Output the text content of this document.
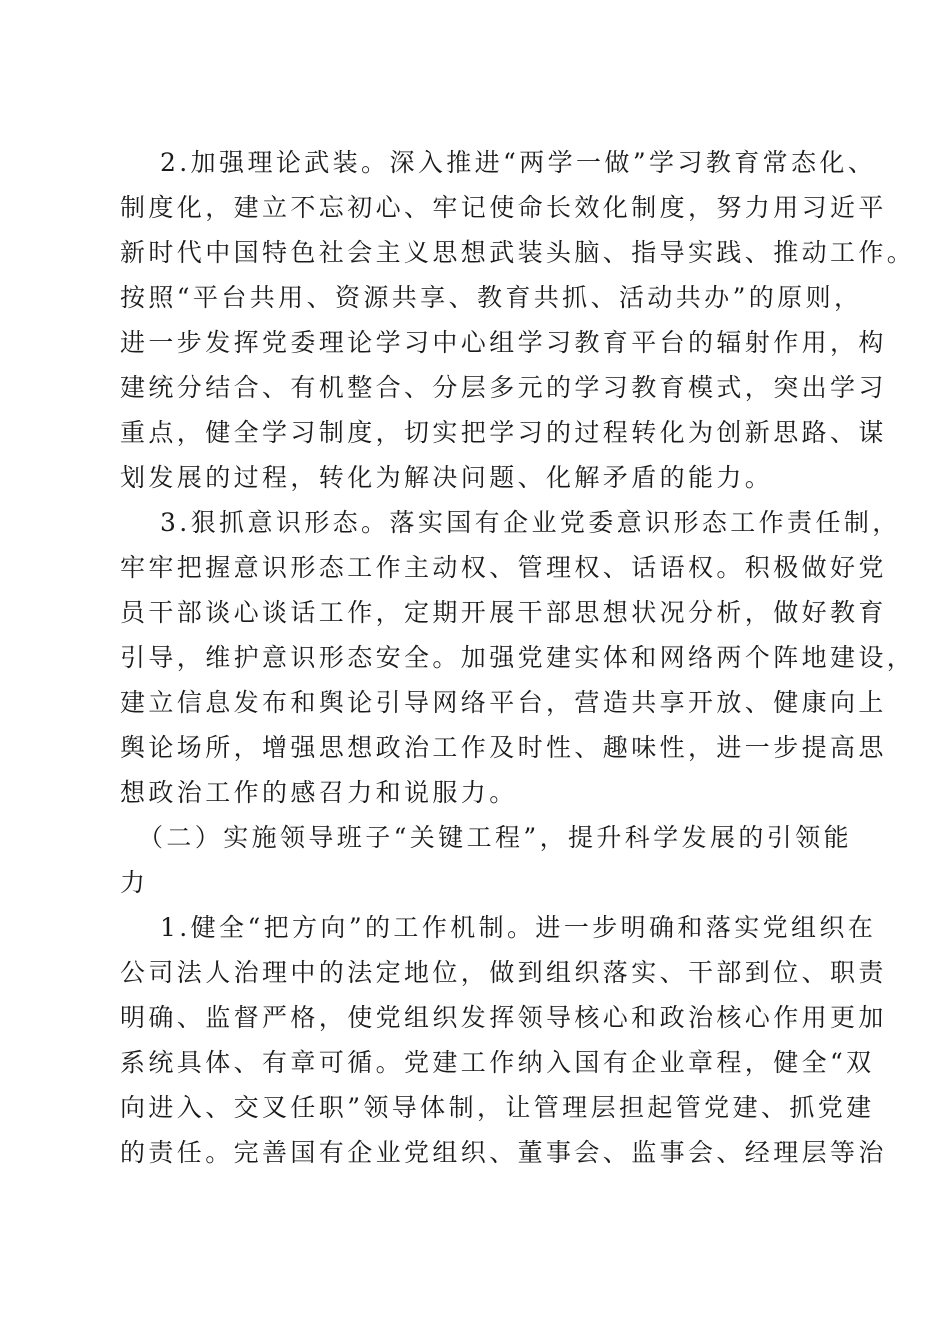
2.加强理论武装。深入推进“两学一做”学习教育常态化、

制度化，建立不忘初心、牢记使命长效化制度，努力用习近平

新时代中国特色社会主义思想武装头脑、指导实践、推动工作。

按照“平台共用、资源共享、教育共抓、活动共办”的原则，

进一步发挥党委理论学习中心组学习教育平台的辐射作用，构

建统分结合、有机整合、分层多元的学习教育模式，突出学习

重点，健全学习制度，切实把学习的过程转化为创新思路、谋

划发展的过程，转化为解决问题、化解矛盾的能力。

3.狠抓意识形态。落实国有企业党委意识形态工作责任制，

牢牢把握意识形态工作主动权、管理权、话语权。积极做好党

员干部谈心谈话工作，定期开展干部思想状况分析，做好教育

引导，维护意识形态安全。加强党建实体和网络两个阵地建设，

建立信息发布和舆论引导网络平台，营造共享开放、健康向上

舆论场所，增强思想政治工作及时性、趣味性，进一步提高思

想政治工作的感召力和说服力。

（二）实施领导班子“关键工程”，提升科学发展的引领能

力

1.健全“把方向”的工作机制。进一步明确和落实党组织在

公司法人治理中的法定地位，做到组织落实、干部到位、职责

明确、监督严格，使党组织发挥领导核心和政治核心作用更加

系统具体、有章可循。党建工作纳入国有企业章程，健全“双

向进入、交叉任职”领导体制，让管理层担起管党建、抓党建

的责任。完善国有企业党组织、董事会、监事会、经理层等治
